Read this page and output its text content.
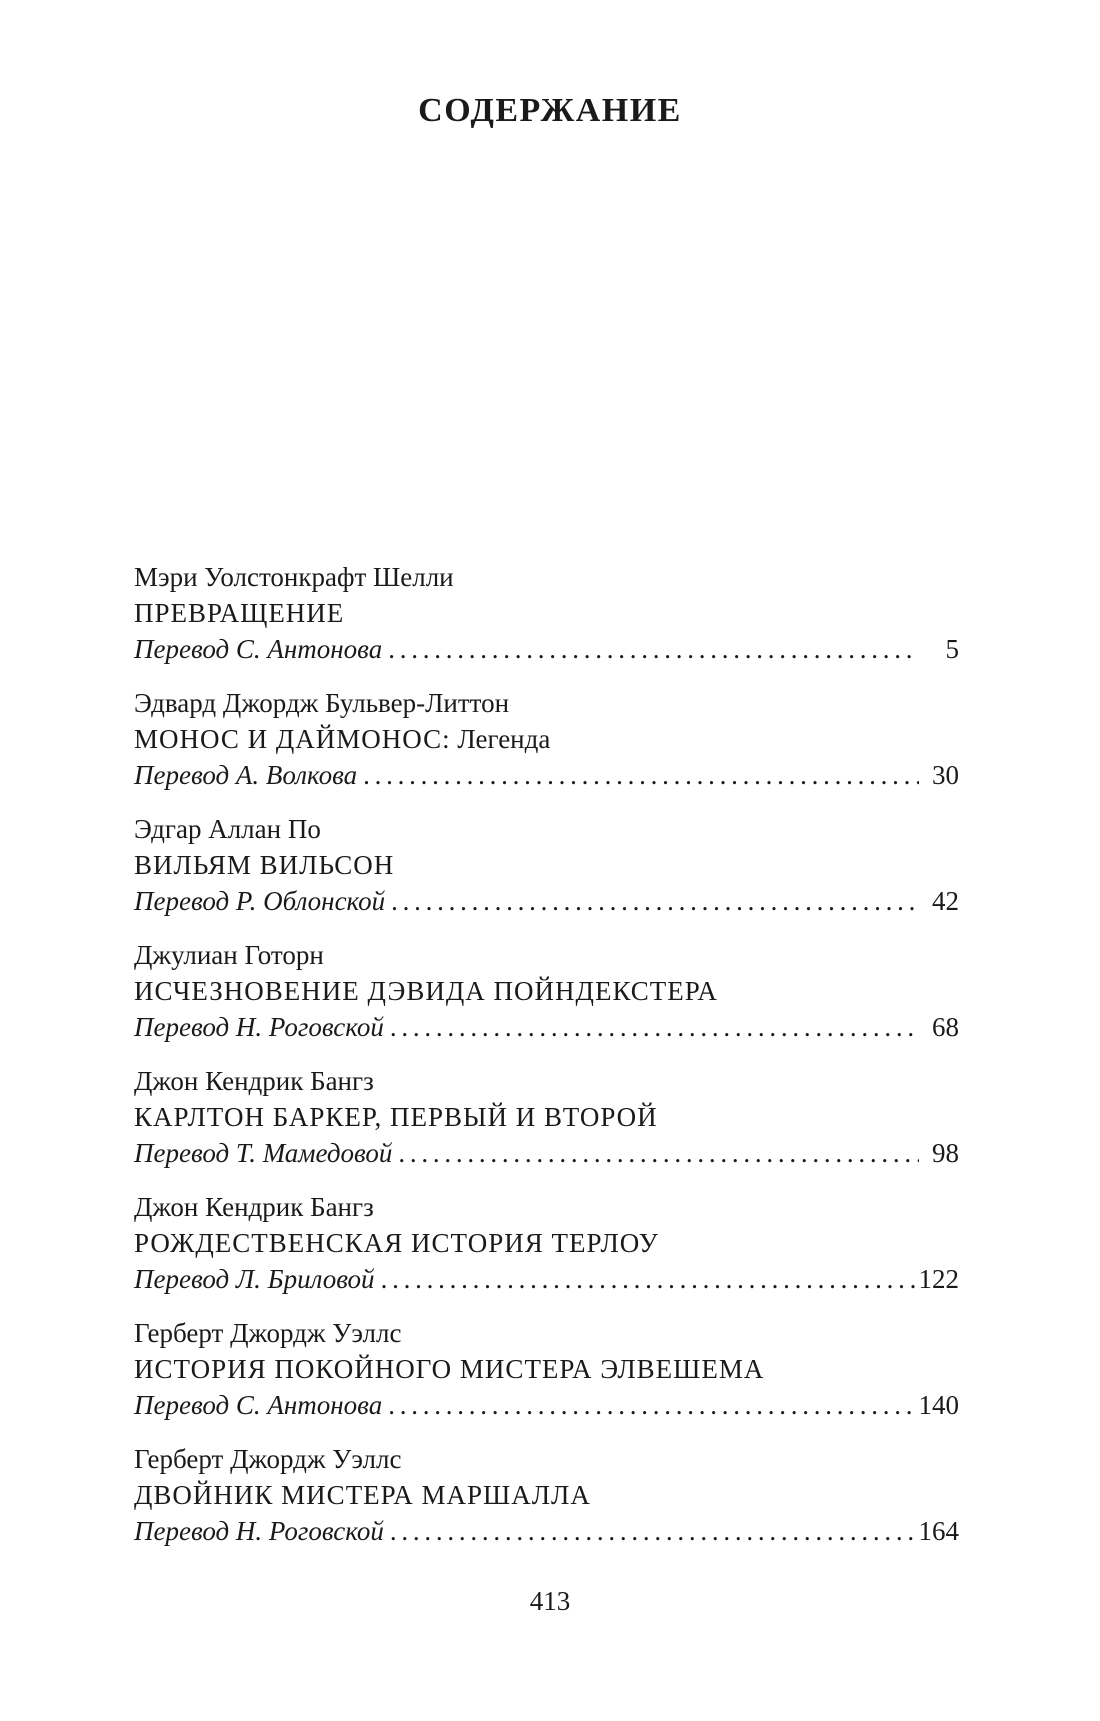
СОДЕРЖАНИЕ
Мэри Уолстонкрафт Шелли
ПРЕВРАЩЕНИЕ
Перевод С. Антонова . . .	5
Эдвард Джордж Бульвер-Литтон
МОНОС И ДАЙМОНОС: Легенда
Перевод А. Волкова . . .	30
Эдгар Аллан По
ВИЛЬЯМ ВИЛЬСОН
Перевод Р. Облонской . . .	42
Джулиан Готорн
ИСЧЕЗНОВЕНИЕ ДЭВИДА ПОЙНДЕКСТЕРА
Перевод Н. Роговской . . .	68
Джон Кендрик Бангз
КАРЛТОН БАРКЕР, ПЕРВЫЙ И ВТОРОЙ
Перевод Т. Мамедовой . . .	98
Джон Кендрик Бангз
РОЖДЕСТВЕНСКАЯ ИСТОРИЯ ТЕРЛОУ
Перевод Л. Бриловой . . .	122
Герберт Джордж Уэллс
ИСТОРИЯ ПОКОЙНОГО МИСТЕРА ЭЛВЕШЕМА
Перевод С. Антонова . . .	140
Герберт Джордж Уэллс
ДВОЙНИК МИСТЕРА МАРШАЛЛА
Перевод Н. Роговской . . .	164
413
